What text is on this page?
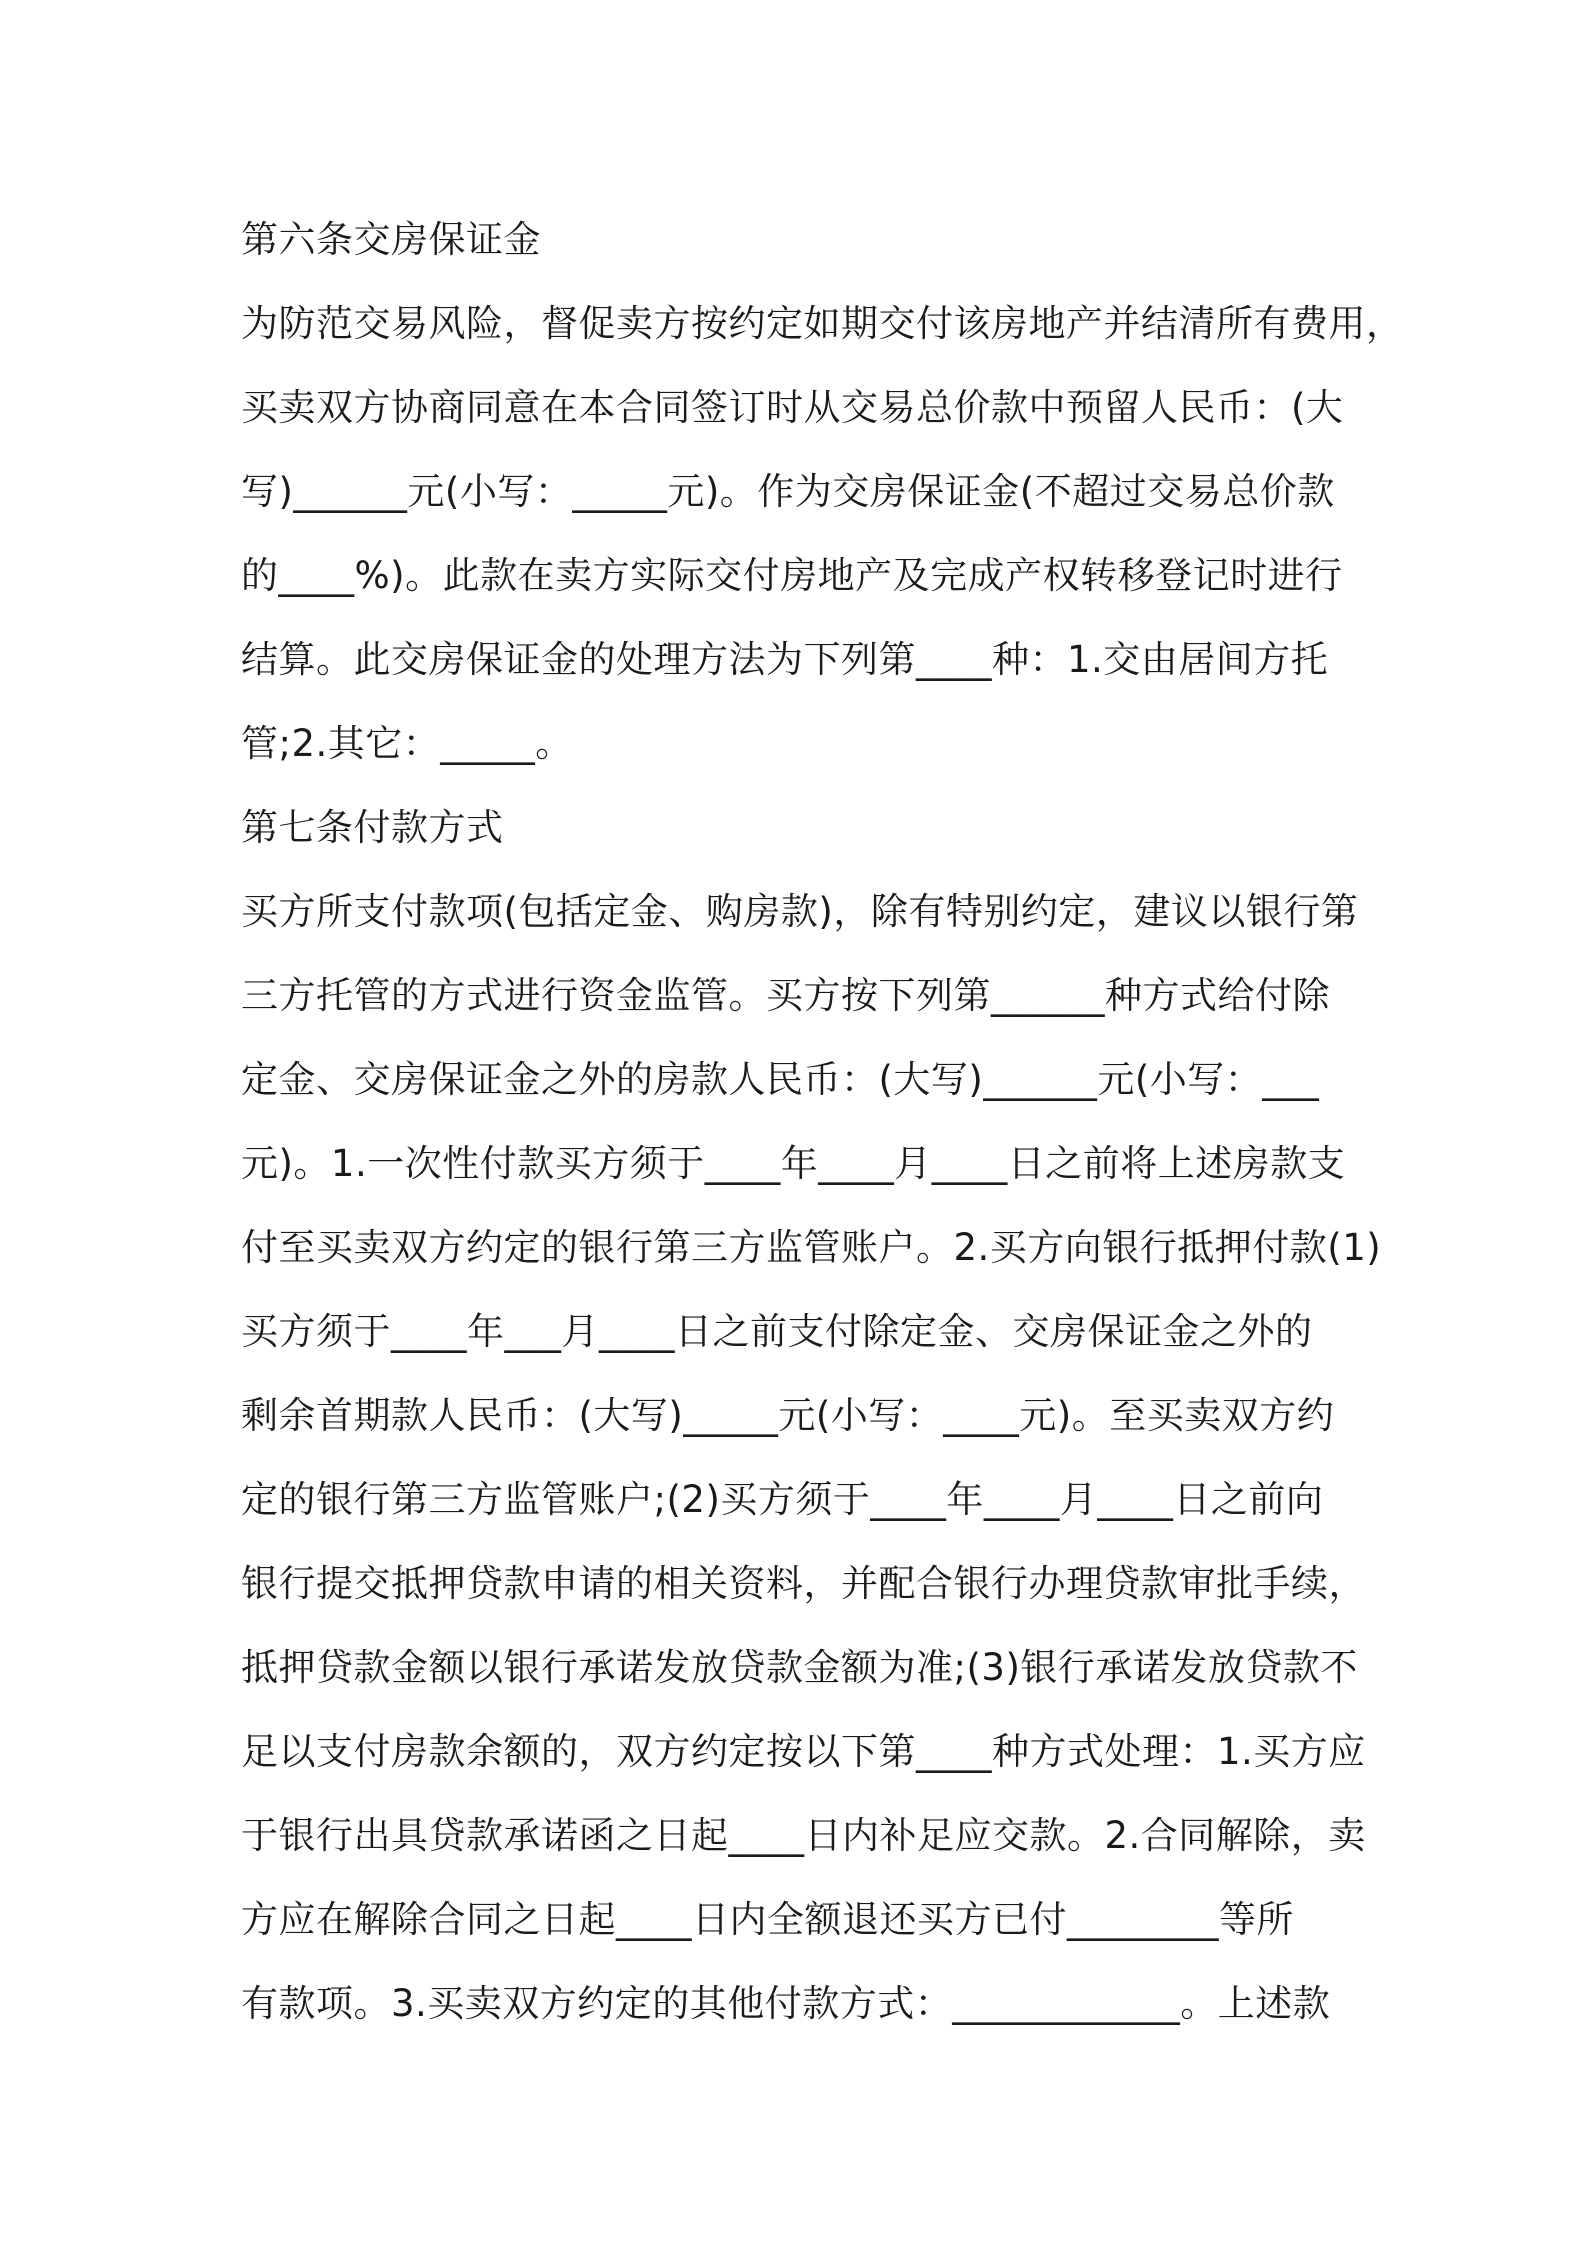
第六条交房保证金
为防范交易风险，督促卖方按约定如期交付该房地产并结清所有费用，
买卖双方协商同意在本合同签订时从交易总价款中预留人民币：(大
写)______元(小写：_____元)。作为交房保证金(不超过交易总价款
的____%)。此款在卖方实际交付房地产及完成产权转移登记时进行
结算。此交房保证金的处理方法为下列第____种：1.交由居间方托
管;2.其它：_____。
第七条付款方式
买方所支付款项(包括定金、购房款)，除有特别约定，建议以银行第
三方托管的方式进行资金监管。买方按下列第______种方式给付除
定金、交房保证金之外的房款人民币：(大写)______元(小写：___
元)。1.一次性付款买方须于____年____月____日之前将上述房款支
付至买卖双方约定的银行第三方监管账户。2.买方向银行抵押付款(1)
买方须于____年___月____日之前支付除定金、交房保证金之外的
剩余首期款人民币：(大写)_____元(小写：____元)。至买卖双方约
定的银行第三方监管账户;(2)买方须于____年____月____日之前向
银行提交抵押贷款申请的相关资料，并配合银行办理贷款审批手续，
抵押贷款金额以银行承诺发放贷款金额为准;(3)银行承诺发放贷款不
足以支付房款余额的，双方约定按以下第____种方式处理：1.买方应
于银行出具贷款承诺函之日起____日内补足应交款。2.合同解除，卖
方应在解除合同之日起____日内全额退还买方已付________等所
有款项。3.买卖双方约定的其他付款方式：____________。上述款
